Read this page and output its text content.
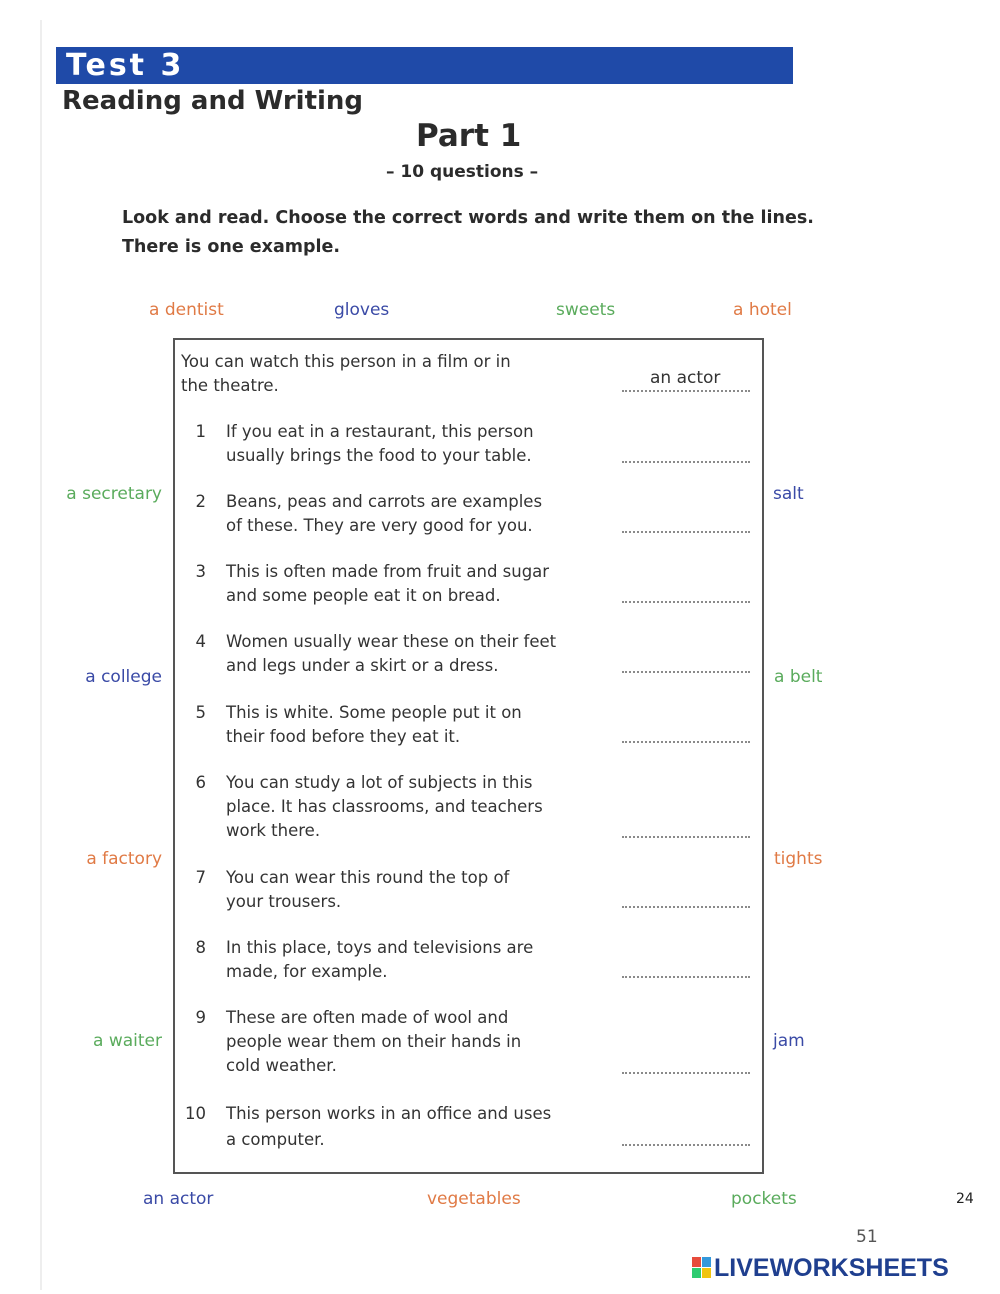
Test 3
Reading and Writing
Part 1
– 10 questions –
Look and read. Choose the correct words and write them on the lines.
There is one example.
a dentist	gloves	sweets	a hotel
a secretary
a college
a factory
a waiter
salt
a belt
tights
jam
an actor	vegetables	pockets
You can watch this person in a film or in
the theatre.	an actor
1 If you eat in a restaurant, this person
usually brings the food to your table.
2 Beans, peas and carrots are examples
of these. They are very good for you.
3 This is often made from fruit and sugar
and some people eat it on bread.
4 Women usually wear these on their feet
and legs under a skirt or a dress.
5 This is white. Some people put it on
their food before they eat it.
6 You can study a lot of subjects in this
place. It has classrooms, and teachers
work there.
7 You can wear this round the top of
your trousers.
8 In this place, toys and televisions are
made, for example.
9 These are often made of wool and
people wear them on their hands in
cold weather.
10 This person works in an office and uses
a computer.
24
51
LIVEWORKSHEETS
